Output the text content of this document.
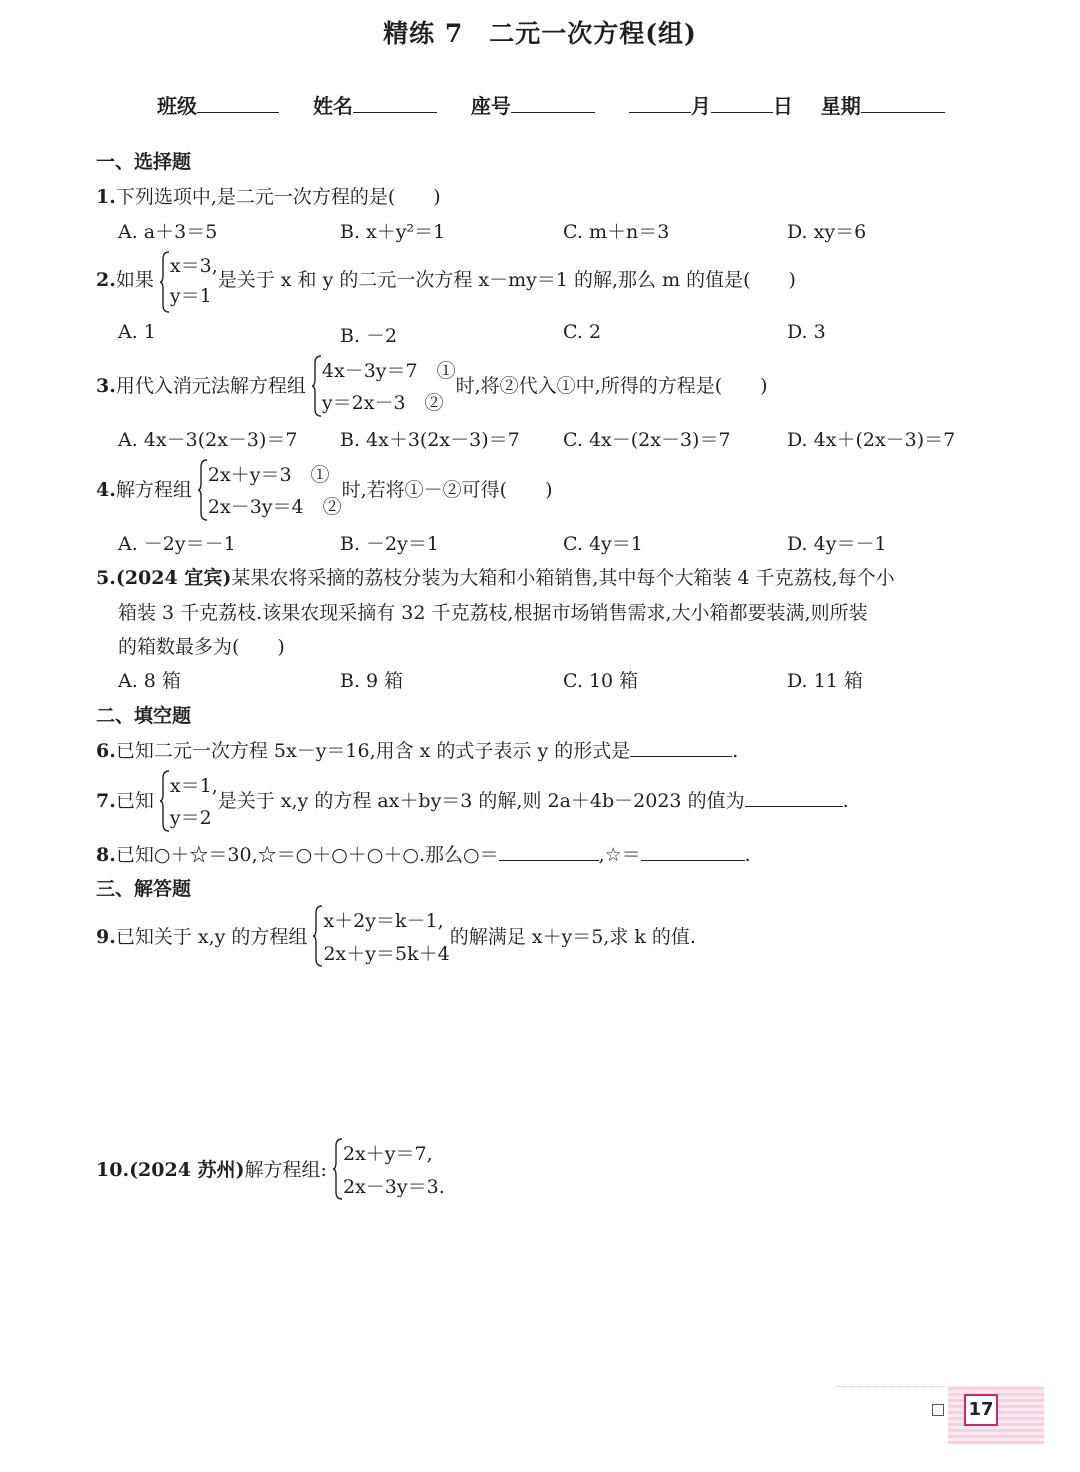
精练 7 二元一次方程(组)
班级	姓名	座号	月	日 星期
一、选择题
1.下列选项中,是二元一次方程的是(　　)
A. a＋3＝5	B. x＋y²＝1	C. m＋n＝3	D. xy＝6
2.如果
x＝3,
y＝1
是关于 x 和 y 的二元一次方程 x－my＝1 的解,那么 m 的值是(　　)
A. 1	B. －2	C. 2	D. 3
3.用代入消元法解方程组
4x－3y＝7　①
y＝2x－3　②
时,将②代入①中,所得的方程是(　　)
A. 4x－3(2x－3)＝7 B. 4x＋3(2x－3)＝7 C. 4x－(2x－3)＝7	D. 4x＋(2x－3)＝7
4.解方程组
2x＋y＝3　①
2x－3y＝4　②
时,若将①－②可得(　　)
A. －2y＝－1	B. －2y＝1	C. 4y＝1	D. 4y＝－1
5.(2024 宜宾)某果农将采摘的荔枝分装为大箱和小箱销售,其中每个大箱装 4 千克荔枝,每个小
箱装 3 千克荔枝.该果农现采摘有 32 千克荔枝,根据市场销售需求,大小箱都要装满,则所装
的箱数最多为(　　)
A. 8 箱	B. 9 箱	C. 10 箱	D. 11 箱
二、填空题
6.已知二元一次方程 5x－y＝16,用含 x 的式子表示 y 的形式是	.
7.已知
x＝1,
y＝2
是关于 x,y 的方程 ax＋by＝3 的解,则 2a＋4b－2023 的值为	.
8.已知○＋☆＝30,☆＝○＋○＋○＋○.那么○＝	,☆＝	.
三、解答题
9.已知关于 x,y 的方程组
x＋2y＝k－1,
2x＋y＝5k＋4
的解满足 x＋y＝5,求 k 的值.
10.(2024 苏州)解方程组:
2x＋y＝7,
2x－3y＝3.
17
